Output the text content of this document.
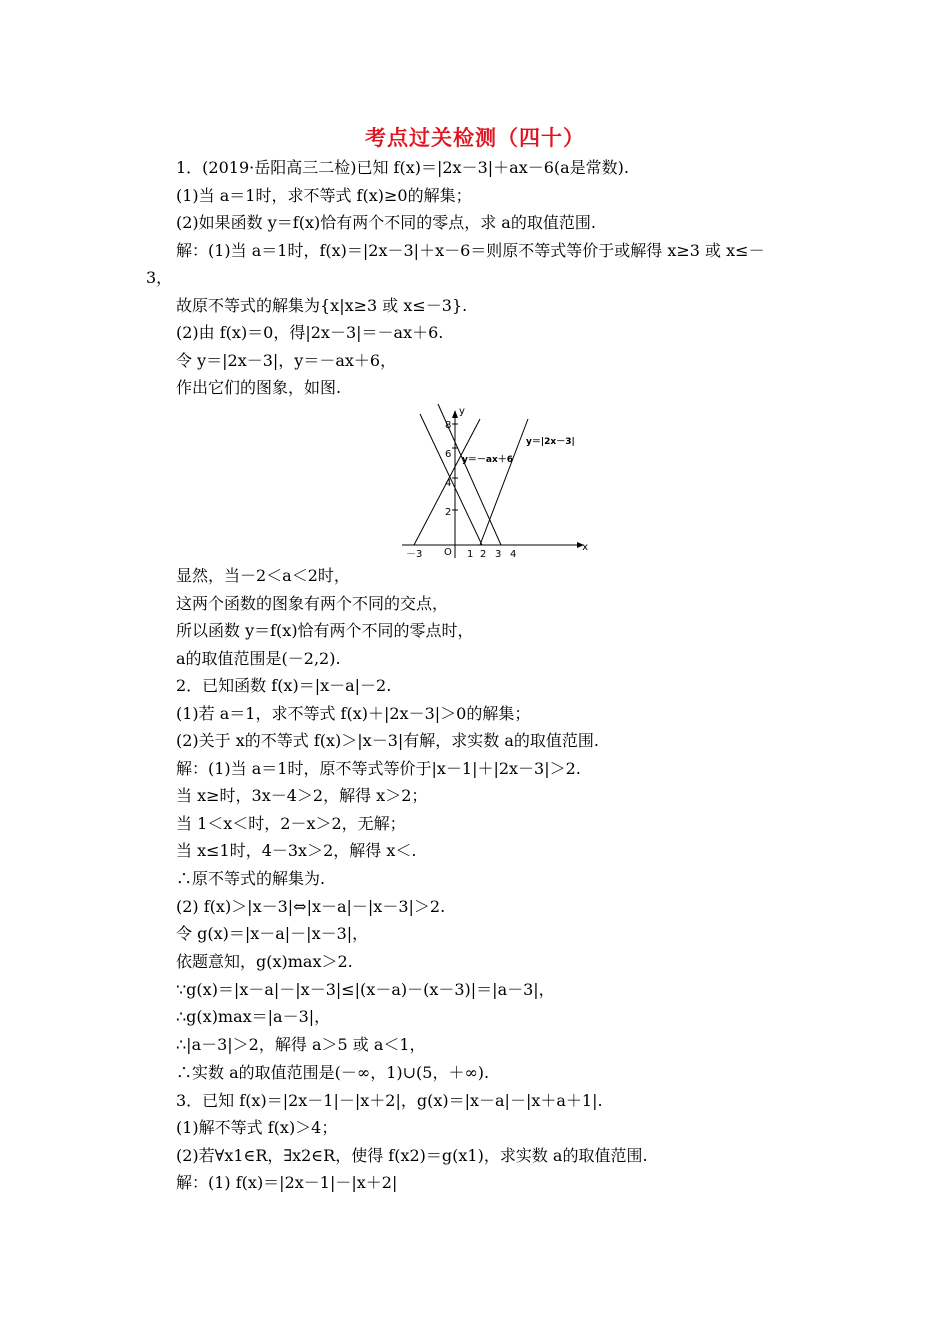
考点过关检测（四十）
1．(2019·岳阳高三二检)已知 f(x)＝|2x－3|＋ax－6(a是常数).
(1)当 a＝1时，求不等式 f(x)≥0的解集；
(2)如果函数 y＝f(x)恰有两个不同的零点，求 a的取值范围.
解：(1)当 a＝1时，f(x)＝|2x－3|＋x－6＝则原不等式等价于或解得 x≥3 或 x≤－
3，
故原不等式的解集为{x|x≥3 或 x≤－3}.
(2)由 f(x)＝0，得|2x－3|＝－ax＋6.
令 y＝|2x－3|，y＝－ax＋6，
作出它们的图象，如图.
x
y
O
－3	1 2 3 4
8
6
4
2
y＝－ax＋6
y＝|2x－3|
显然，当－2＜a＜2时，
这两个函数的图象有两个不同的交点，
所以函数 y＝f(x)恰有两个不同的零点时，
a的取值范围是(－2,2).
2．已知函数 f(x)＝|x－a|－2.
(1)若 a＝1，求不等式 f(x)＋|2x－3|＞0的解集；
(2)关于 x的不等式 f(x)＞|x－3|有解，求实数 a的取值范围.
解：(1)当 a＝1时，原不等式等价于|x－1|＋|2x－3|＞2.
当 x≥时，3x－4＞2，解得 x＞2；
当 1＜x＜时，2－x＞2，无解；
当 x≤1时，4－3x＞2，解得 x＜.
∴原不等式的解集为.
(2) f(x)＞|x－3|⇔|x－a|－|x－3|＞2.
令 g(x)＝|x－a|－|x－3|，
依题意知，g(x)max＞2.
∵g(x)＝|x－a|－|x－3|≤|(x－a)－(x－3)|＝|a－3|，
∴g(x)max＝|a－3|，
∴|a－3|＞2，解得 a＞5 或 a＜1，
∴实数 a的取值范围是(－∞，1)∪(5，＋∞).
3．已知 f(x)＝|2x－1|－|x＋2|，g(x)＝|x－a|－|x＋a＋1|.
(1)解不等式 f(x)＞4；
(2)若∀x1∈R，∃x2∈R，使得 f(x2)＝g(x1)，求实数 a的取值范围.
解：(1) f(x)＝|2x－1|－|x＋2|
